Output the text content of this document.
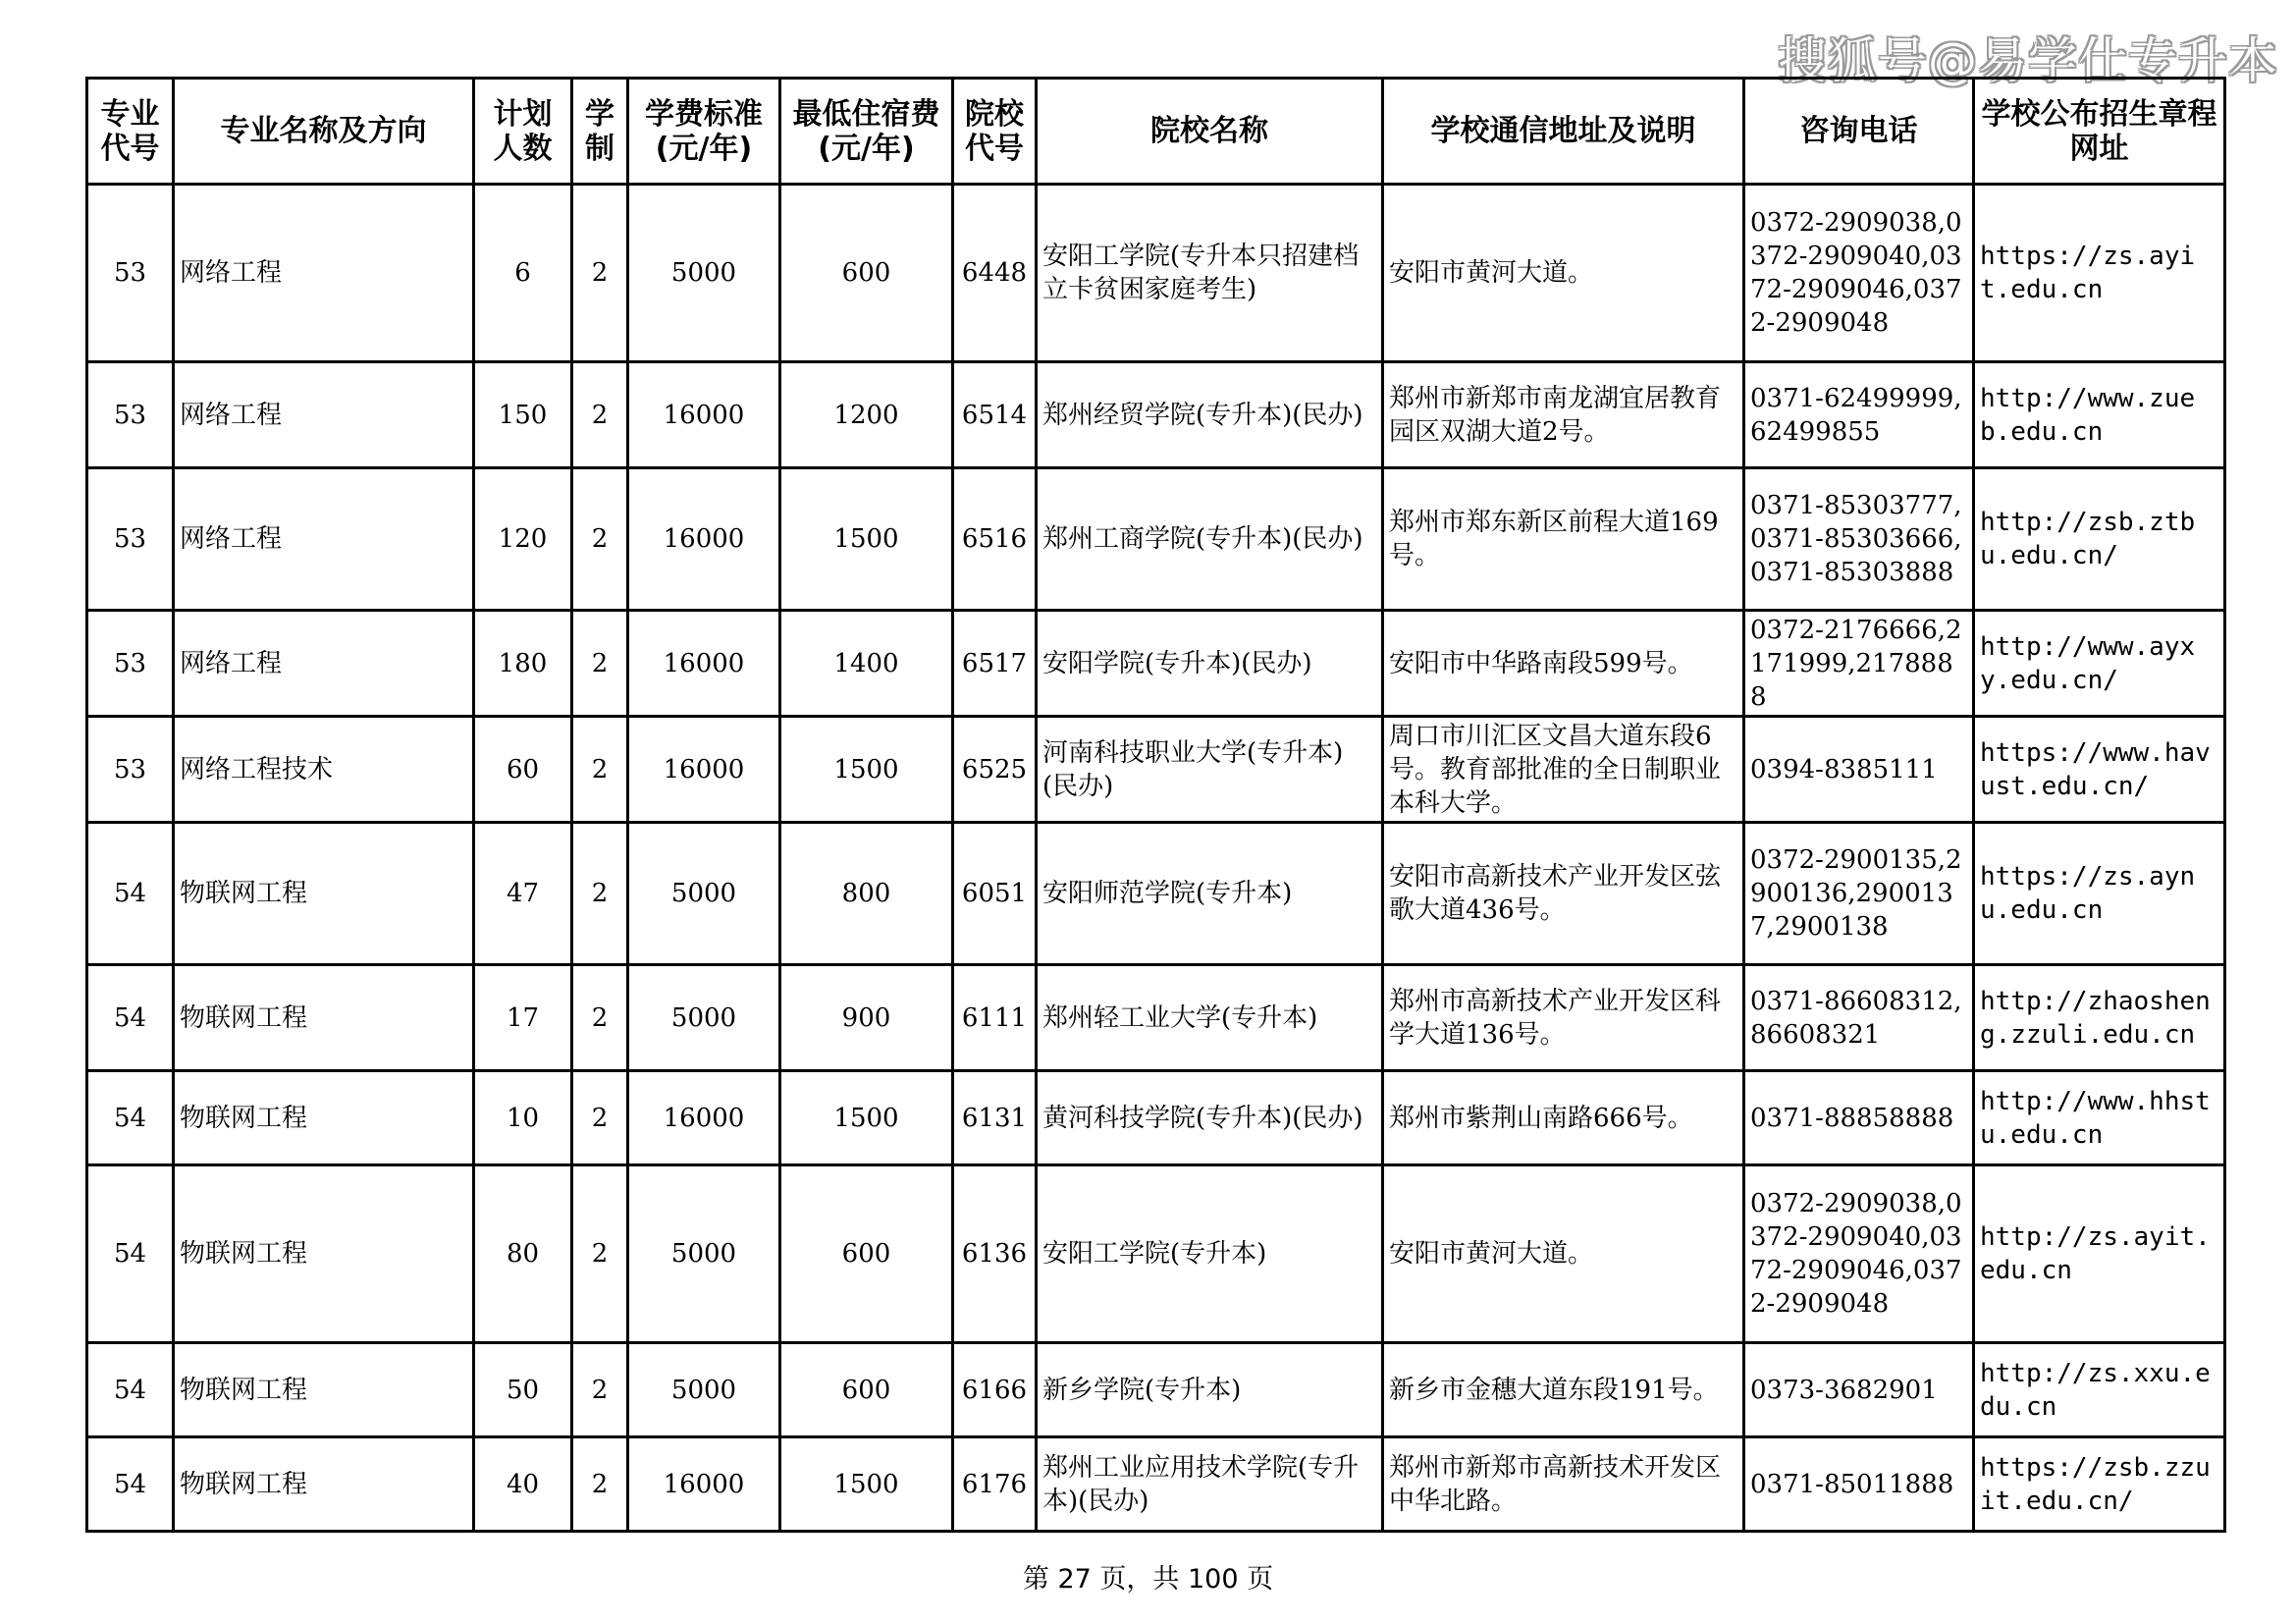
搜狐号@易学仕专升本
专业代号	专业名称及方向	计划人数	学制	学费标准(元/年)	最低住宿费(元/年)	院校代号	院校名称	学校通信地址及说明	咨询电话	学校公布招生章程网址
53	网络工程	6	2	5000	600	6448	安阳工学院(专升本只招建档立卡贫困家庭考生)	安阳市黄河大道。	0372-2909038,0372-2909040,0372-2909046,0372-2909048	https://zs.ayit.edu.cn
53	网络工程	150	2	16000	1200	6514	郑州经贸学院(专升本)(民办)	郑州市新郑市南龙湖宜居教育园区双湖大道2号。	0371-62499999,62499855	http://www.zueb.edu.cn
53	网络工程	120	2	16000	1500	6516	郑州工商学院(专升本)(民办)	郑州市郑东新区前程大道169号。	0371-85303777,0371-85303666,0371-85303888	http://zsb.ztbu.edu.cn/
53	网络工程	180	2	16000	1400	6517	安阳学院(专升本)(民办)	安阳市中华路南段599号。	0372-2176666,2171999,2178888	http://www.ayxy.edu.cn/
53	网络工程技术	60	2	16000	1500	6525	河南科技职业大学(专升本)(民办)	周口市川汇区文昌大道东段6号。教育部批准的全日制职业本科大学。	0394-8385111	https://www.havust.edu.cn/
54	物联网工程	47	2	5000	800	6051	安阳师范学院(专升本)	安阳市高新技术产业开发区弦歌大道436号。	0372-2900135,2900136,2900137,2900138	https://zs.aynu.edu.cn
54	物联网工程	17	2	5000	900	6111	郑州轻工业大学(专升本)	郑州市高新技术产业开发区科学大道136号。	0371-86608312,86608321	http://zhaosheng.zzuli.edu.cn
54	物联网工程	10	2	16000	1500	6131	黄河科技学院(专升本)(民办)	郑州市紫荆山南路666号。	0371-88858888	http://www.hhstu.edu.cn
54	物联网工程	80	2	5000	600	6136	安阳工学院(专升本)	安阳市黄河大道。	0372-2909038,0372-2909040,0372-2909046,0372-2909048	http://zs.ayit.edu.cn
54	物联网工程	50	2	5000	600	6166	新乡学院(专升本)	新乡市金穗大道东段191号。	0373-3682901	http://zs.xxu.edu.cn
54	物联网工程	40	2	16000	1500	6176	郑州工业应用技术学院(专升本)(民办)	郑州市新郑市高新技术开发区中华北路。	0371-85011888	https://zsb.zzuit.edu.cn/
第 27 页，共 100 页
